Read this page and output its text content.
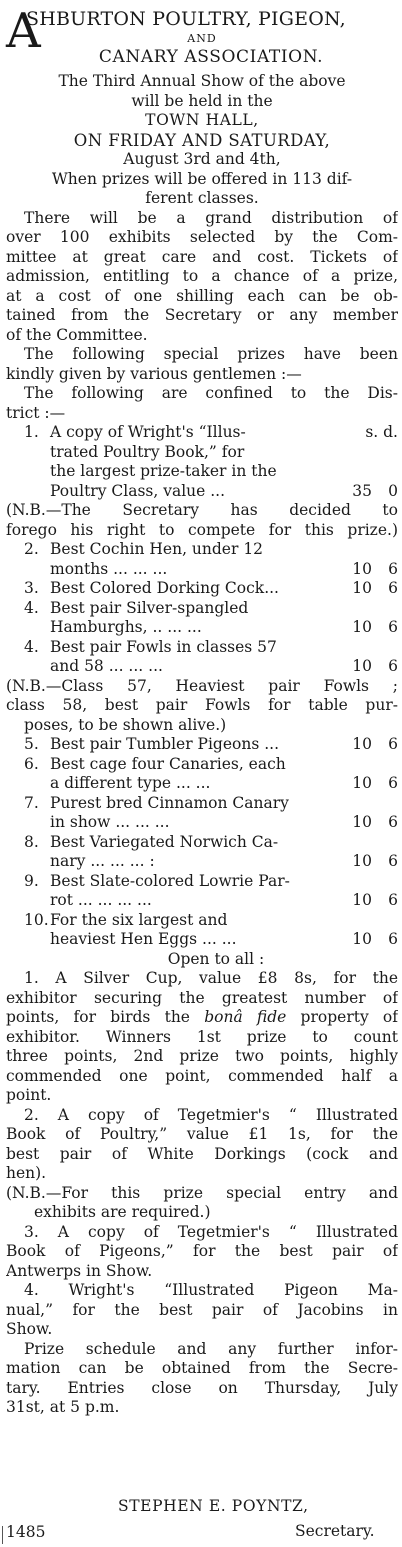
A
SHBURTON POULTRY, PIGEON,
AND
CANARY ASSOCIATION.
The Third Annual Show of the above
will be held in the
TOWN HALL,
ON FRIDAY AND SATURDAY,
August 3rd and 4th,
When prizes will be offered in 113 dif-
ferent classes.
There will be a grand distribution of
over 100 exhibits selected by the Com-
mittee at great care and cost. Tickets of
admission, entitling to a chance of a prize,
at a cost of one shilling each can be ob-
tained from the Secretary or any member
of the Committee.
The following special prizes have been
kindly given by various gentlemen :—
The following are confined to the Dis-
trict :—
1. A copy of Wright's “Illus-	s. d.
trated Poultry Book,” for
the largest prize-taker in the
Poultry Class, value ...	35 0
(N.B.—The Secretary has decided to
forego his right to compete for this prize.)
2. Best Cochin Hen, under 12
months ... ... ...	10 6
3. Best Colored Dorking Cock...	10 6
4. Best pair Silver-spangled
Hamburghs, .. ... ...	10 6
4. Best pair Fowls in classes 57
and 58 ... ... ...	10 6
(N.B.—Class 57, Heaviest pair Fowls ;
class 58, best pair Fowls for table pur-
poses, to be shown alive.)
5. Best pair Tumbler Pigeons ...	10 6
6. Best cage four Canaries, each
a different type ... ...	10 6
7. Purest bred Cinnamon Canary
in show ... ... ...	10 6
8. Best Variegated Norwich Ca-
nary ... ... ... :	10 6
9. Best Slate-colored Lowrie Par-
rot ... ... ... ...	10 6
10.For the six largest and
heaviest Hen Eggs ... ...	10 6
Open to all :
1. A Silver Cup, value £8 8s, for the
exhibitor securing the greatest number of
points, for birds the bonâ fide property of
exhibitor. Winners 1st prize to count
three points, 2nd prize two points, highly
commended one point, commended half a
point.
2. A copy of Tegetmier's “ Illustrated
Book of Poultry,” value £1 1s, for the
best pair of White Dorkings (cock and
hen).
(N.B.—For this prize special entry and
exhibits are required.)
3. A copy of Tegetmier's “ Illustrated
Book of Pigeons,” for the best pair of
Antwerps in Show.
4. Wright's “Illustrated Pigeon Ma-
nual,” for the best pair of Jacobins in
Show.
Prize schedule and any further infor-
mation can be obtained from the Secre-
tary. Entries close on Thursday, July
31st, at 5 p.m.
STEPHEN E. POYNTZ,
Secretary.
1485
